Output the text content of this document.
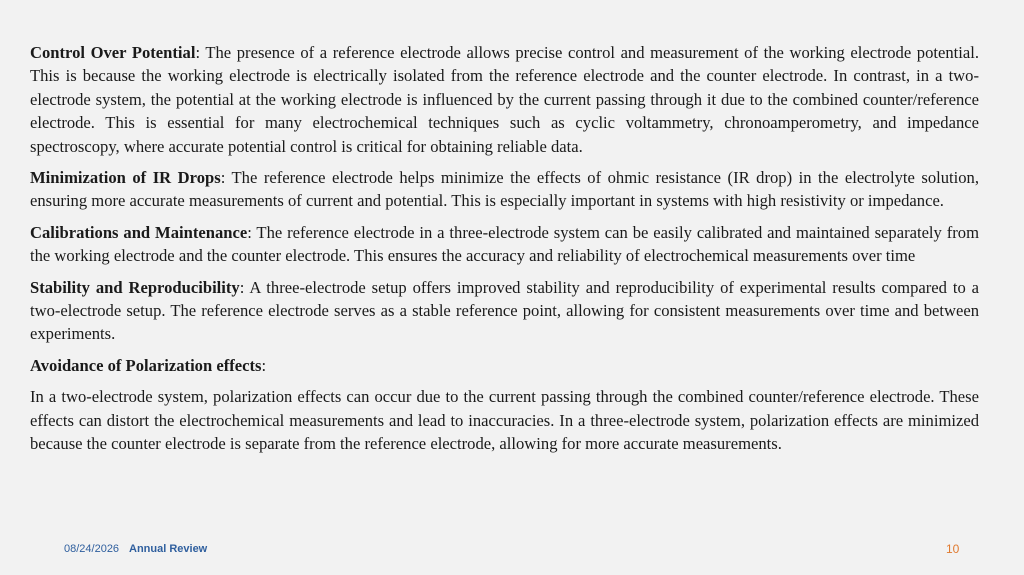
Control Over Potential: The presence of a reference electrode allows precise control and measurement of the working electrode potential. This is because the working electrode is electrically isolated from the reference electrode and the counter electrode. In contrast, in a two-electrode system, the potential at the working electrode is influenced by the current passing through it due to the combined counter/reference electrode. This is essential for many electrochemical techniques such as cyclic voltammetry, chronoamperometry, and impedance spectroscopy, where accurate potential control is critical for obtaining reliable data.

Minimization of IR Drops: The reference electrode helps minimize the effects of ohmic resistance (IR drop) in the electrolyte solution, ensuring more accurate measurements of current and potential. This is especially important in systems with high resistivity or impedance.

Calibrations and Maintenance: The reference electrode in a three-electrode system can be easily calibrated and maintained separately from the working electrode and the counter electrode. This ensures the accuracy and reliability of electrochemical measurements over time

Stability and Reproducibility: A three-electrode setup offers improved stability and reproducibility of experimental results compared to a two-electrode setup. The reference electrode serves as a stable reference point, allowing for consistent measurements over time and between experiments.

Avoidance of Polarization effects:

In a two-electrode system, polarization effects can occur due to the current passing through the combined counter/reference electrode. These effects can distort the electrochemical measurements and lead to inaccuracies. In a three-electrode system, polarization effects are minimized because the counter electrode is separate from the reference electrode, allowing for more accurate measurements.

08/24/2026 Annual Review	10
